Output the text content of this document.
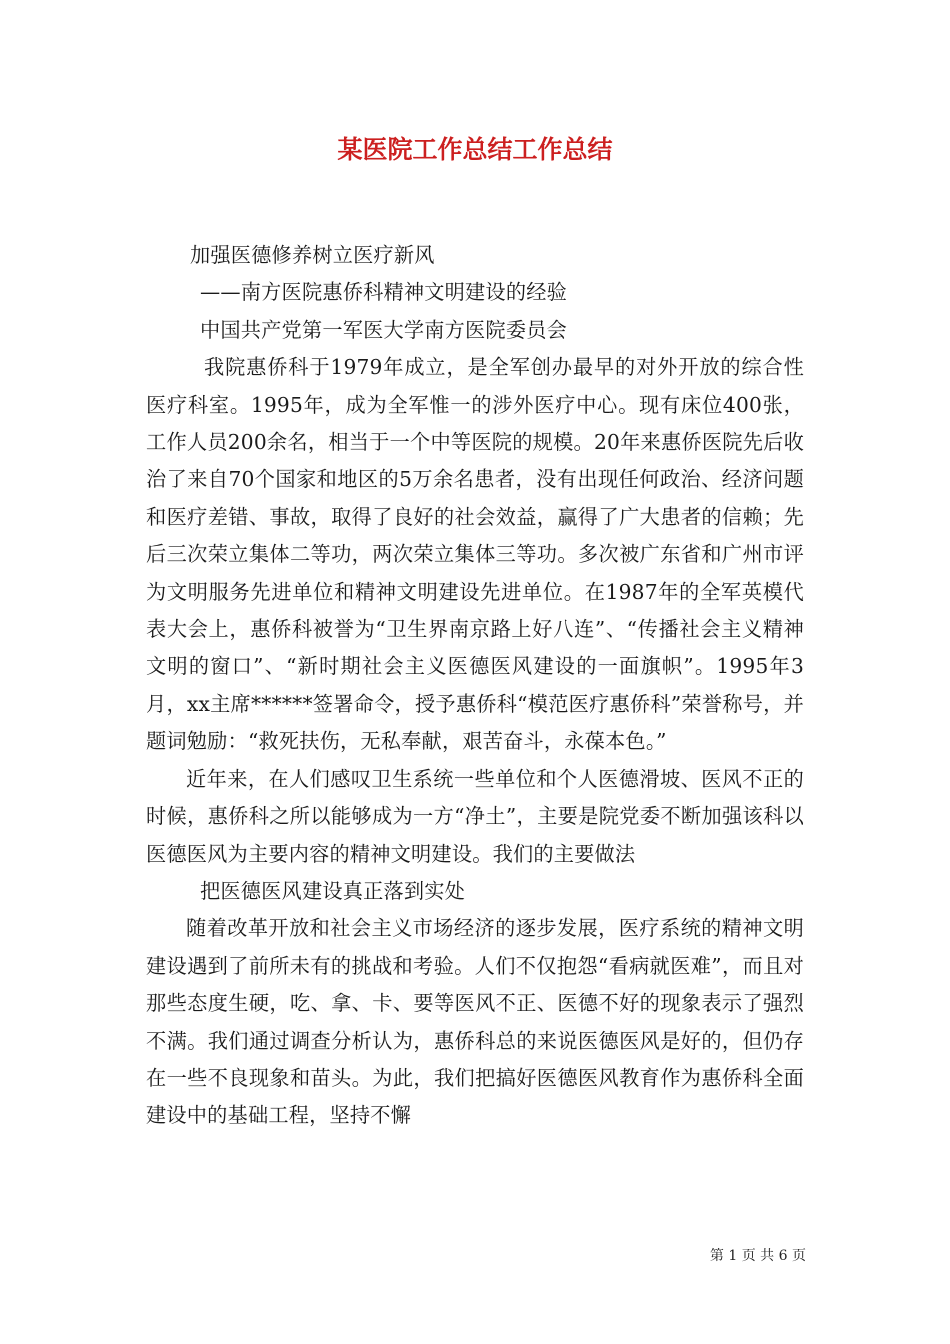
某医院工作总结工作总结

加强医德修养树立医疗新风

——南方医院惠侨科精神文明建设的经验

中国共产党第一军医大学南方医院委员会

我院惠侨科于1979年成立，是全军创办最早的对外开放的综合性医疗科室。1995年，成为全军惟一的涉外医疗中心。现有床位400张，工作人员200余名，相当于一个中等医院的规模。20年来惠侨医院先后收治了来自70个国家和地区的5万余名患者，没有出现任何政治、经济问题和医疗差错、事故，取得了良好的社会效益，赢得了广大患者的信赖；先后三次荣立集体二等功，两次荣立集体三等功。多次被广东省和广州市评为文明服务先进单位和精神文明建设先进单位。在1987年的全军英模代表大会上，惠侨科被誉为“卫生界南京路上好八连”、“传播社会主义精神文明的窗口”、“新时期社会主义医德医风建设的一面旗帜”。1995年3月，xx主席******签署命令，授予惠侨科“模范医疗惠侨科”荣誉称号，并题词勉励：“救死扶伤，无私奉献，艰苦奋斗，永葆本色。”

近年来，在人们感叹卫生系统一些单位和个人医德滑坡、医风不正的时候，惠侨科之所以能够成为一方“净土”，主要是院党委不断加强该科以医德医风为主要内容的精神文明建设。我们的主要做法

把医德医风建设真正落到实处

随着改革开放和社会主义市场经济的逐步发展，医疗系统的精神文明建设遇到了前所未有的挑战和考验。人们不仅抱怨“看病就医难”，而且对那些态度生硬，吃、拿、卡、要等医风不正、医德不好的现象表示了强烈不满。我们通过调查分析认为，惠侨科总的来说医德医风是好的，但仍存在一些不良现象和苗头。为此，我们把搞好医德医风教育作为惠侨科全面建设中的基础工程，坚持不懈

第 1 页 共 6 页
